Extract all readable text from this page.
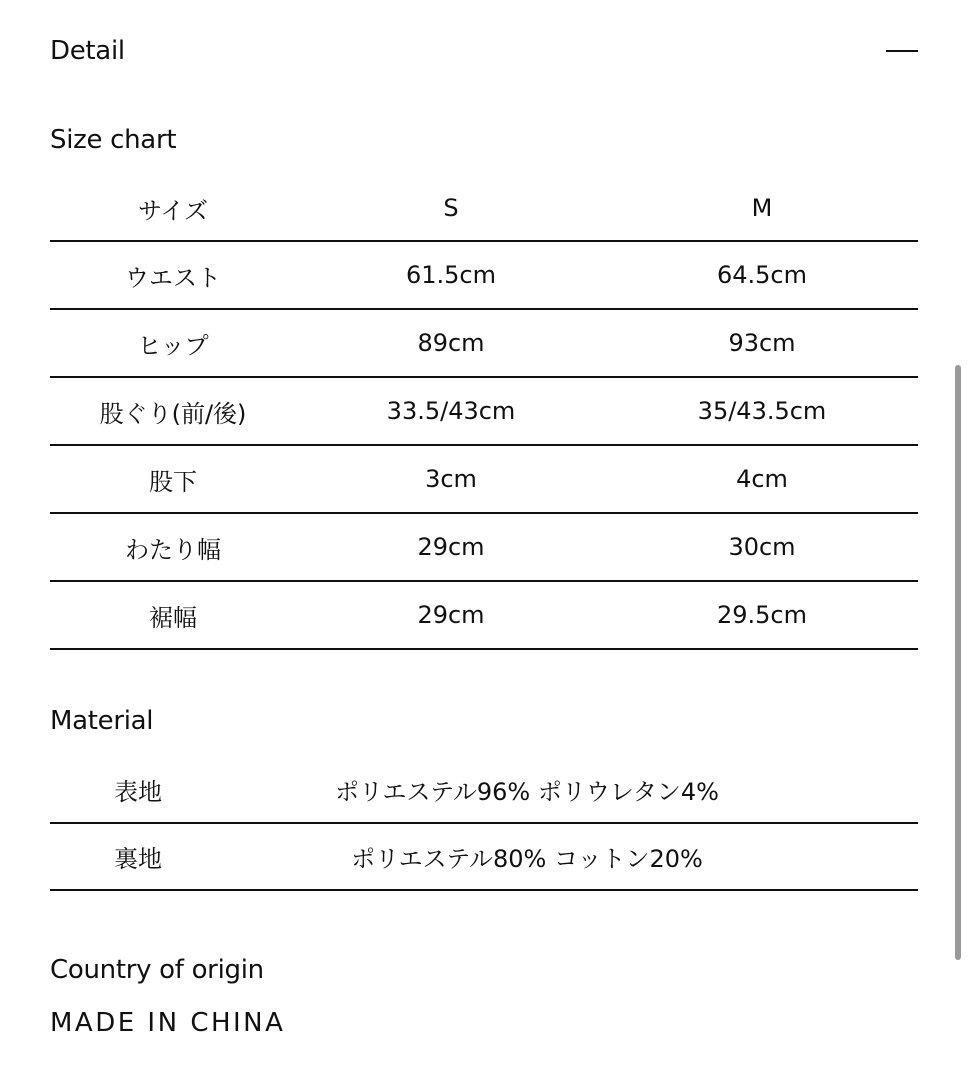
Detail
Size chart
サイズ	S	M
ウエスト	61.5cm	64.5cm
ヒップ	89cm	93cm
股ぐり(前/後)	33.5/43cm	35/43.5cm
股下	3cm	4cm
わたり幅	29cm	30cm
裾幅	29cm	29.5cm
Material
表地	ポリエステル96% ポリウレタン4%
裏地	ポリエステル80% コットン20%
Country of origin

MADE IN CHINA
